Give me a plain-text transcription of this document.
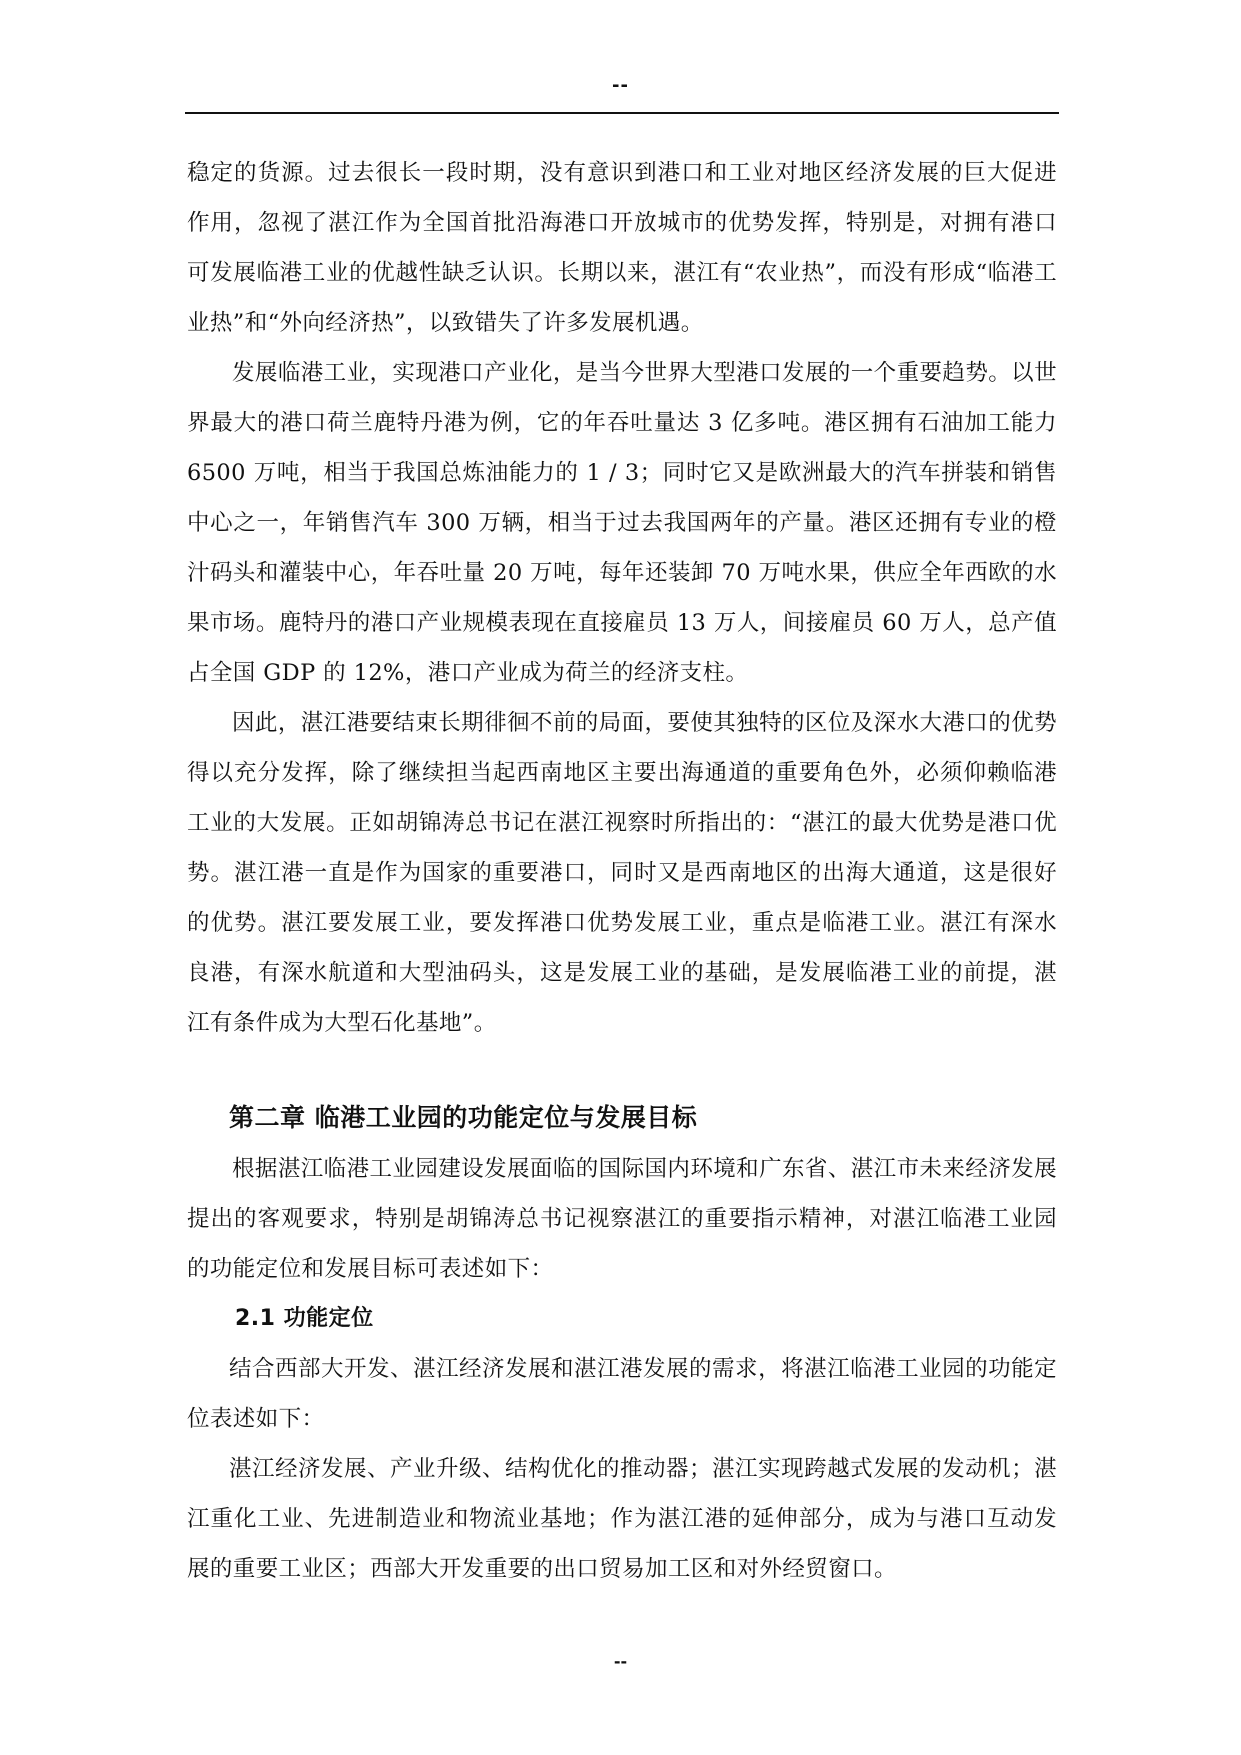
--

稳定的货源。过去很长一段时期，没有意识到港口和工业对地区经济发展的巨大促进作用，忽视了湛江作为全国首批沿海港口开放城市的优势发挥，特别是，对拥有港口可发展临港工业的优越性缺乏认识。长期以来，湛江有“农业热”，而没有形成“临港工业热”和“外向经济热”，以致错失了许多发展机遇。

发展临港工业，实现港口产业化，是当今世界大型港口发展的一个重要趋势。以世界最大的港口荷兰鹿特丹港为例，它的年吞吐量达 3 亿多吨。港区拥有石油加工能力 6500 万吨，相当于我国总炼油能力的 1 / 3；同时它又是欧洲最大的汽车拼装和销售中心之一，年销售汽车 300 万辆，相当于过去我国两年的产量。港区还拥有专业的橙汁码头和灌装中心，年吞吐量 20 万吨，每年还装卸 70 万吨水果，供应全年西欧的水果市场。鹿特丹的港口产业规模表现在直接雇员 13 万人，间接雇员 60 万人，总产值占全国 GDP 的 12%，港口产业成为荷兰的经济支柱。

因此，湛江港要结束长期徘徊不前的局面，要使其独特的区位及深水大港口的优势得以充分发挥，除了继续担当起西南地区主要出海通道的重要角色外，必须仰赖临港工业的大发展。正如胡锦涛总书记在湛江视察时所指出的：“湛江的最大优势是港口优势。湛江港一直是作为国家的重要港口，同时又是西南地区的出海大通道，这是很好的优势。湛江要发展工业，要发挥港口优势发展工业，重点是临港工业。湛江有深水良港，有深水航道和大型油码头，这是发展工业的基础，是发展临港工业的前提，湛江有条件成为大型石化基地”。

第二章 临港工业园的功能定位与发展目标

根据湛江临港工业园建设发展面临的国际国内环境和广东省、湛江市未来经济发展提出的客观要求，特别是胡锦涛总书记视察湛江的重要指示精神，对湛江临港工业园的功能定位和发展目标可表述如下：

2.1 功能定位

结合西部大开发、湛江经济发展和湛江港发展的需求，将湛江临港工业园的功能定位表述如下：

湛江经济发展、产业升级、结构优化的推动器；湛江实现跨越式发展的发动机；湛江重化工业、先进制造业和物流业基地；作为湛江港的延伸部分，成为与港口互动发展的重要工业区；西部大开发重要的出口贸易加工区和对外经贸窗口。

--
